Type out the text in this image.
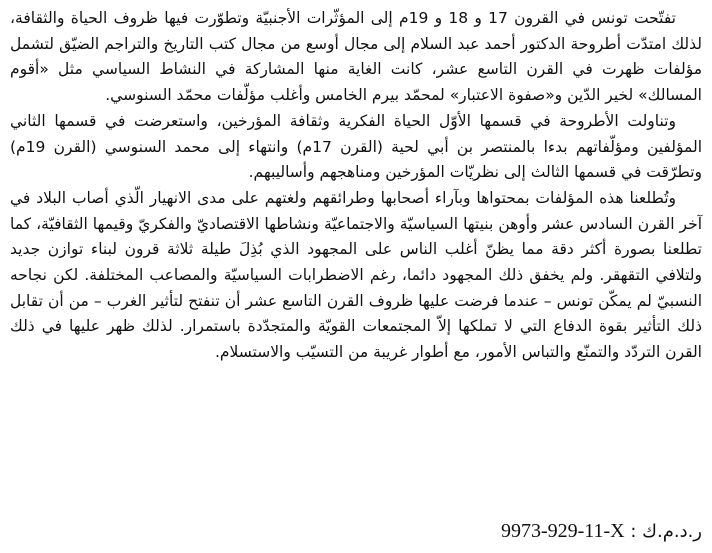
تفتّحت تونس في القرون 17 و 18 و 19م إلى المؤثّرات الأجنبيّة وتطوّرت فيها ظروف الحياة والثقافة، لذلك امتدّت أطروحة الدكتور أحمد عبد السلام إلى مجال أوسع من مجال كتب التاريخ والتراجم الضيّق لتشمل مؤلفات ظهرت في القرن التاسع عشر، كانت الغاية منها المشاركة في النشاط السياسي مثل «أقوم المسالك» لخير الدّين و«صفوة الاعتبار» لمحمّد بيرم الخامس وأغلب مؤلّفات محمّد السنوسي.

وتناولت الأطروحة في قسمها الأوّل الحياة الفكرية وثقافة المؤرخين، واستعرضت في قسمها الثاني المؤلفين ومؤلّفاتهم بدءا بالمنتصر بن أبي لحية (القرن 17م) وانتهاء إلى محمد السنوسي (القرن 19م) وتطرّقت في قسمها الثالث إلى نظريّات المؤرخين ومناهجهم وأساليبهم.

وتُطلعنا هذه المؤلفات بمحتواها وبآراء أصحابها وطرائقهم ولغتهم على مدى الانهيار الّذي أصاب البلاد في آخر القرن السادس عشر وأوهن بنيتها السياسيّة والاجتماعيّة ونشاطها الاقتصاديّ والفكريّ وقيمها الثقافيّة، كما تطلعنا بصورة أكثر دقة مما يظنّ أغلب الناس على المجهود الذي بُذِلَ طيلة ثلاثة قرون لبناء توازن جديد ولتلافي التقهقر. ولم يخفق ذلك المجهود دائما، رغم الاضطرابات السياسيّة والمصاعب المختلفة. لكن نجاحه النسبيّ لم يمكّن تونس – عندما فرضت عليها ظروف القرن التاسع عشر أن تنفتح لتأثير الغرب – من أن تقابل ذلك التأثير بقوة الدفاع التي لا تملكها إلاّ المجتمعات القويّة والمتجدّدة باستمرار. لذلك ظهر عليها في ذلك القرن التردّد والتمنّع والتباس الأمور، مع أطوار غريبة من التسيّب والاستسلام.

ر.د.م.ك : 9973-929-11-X
